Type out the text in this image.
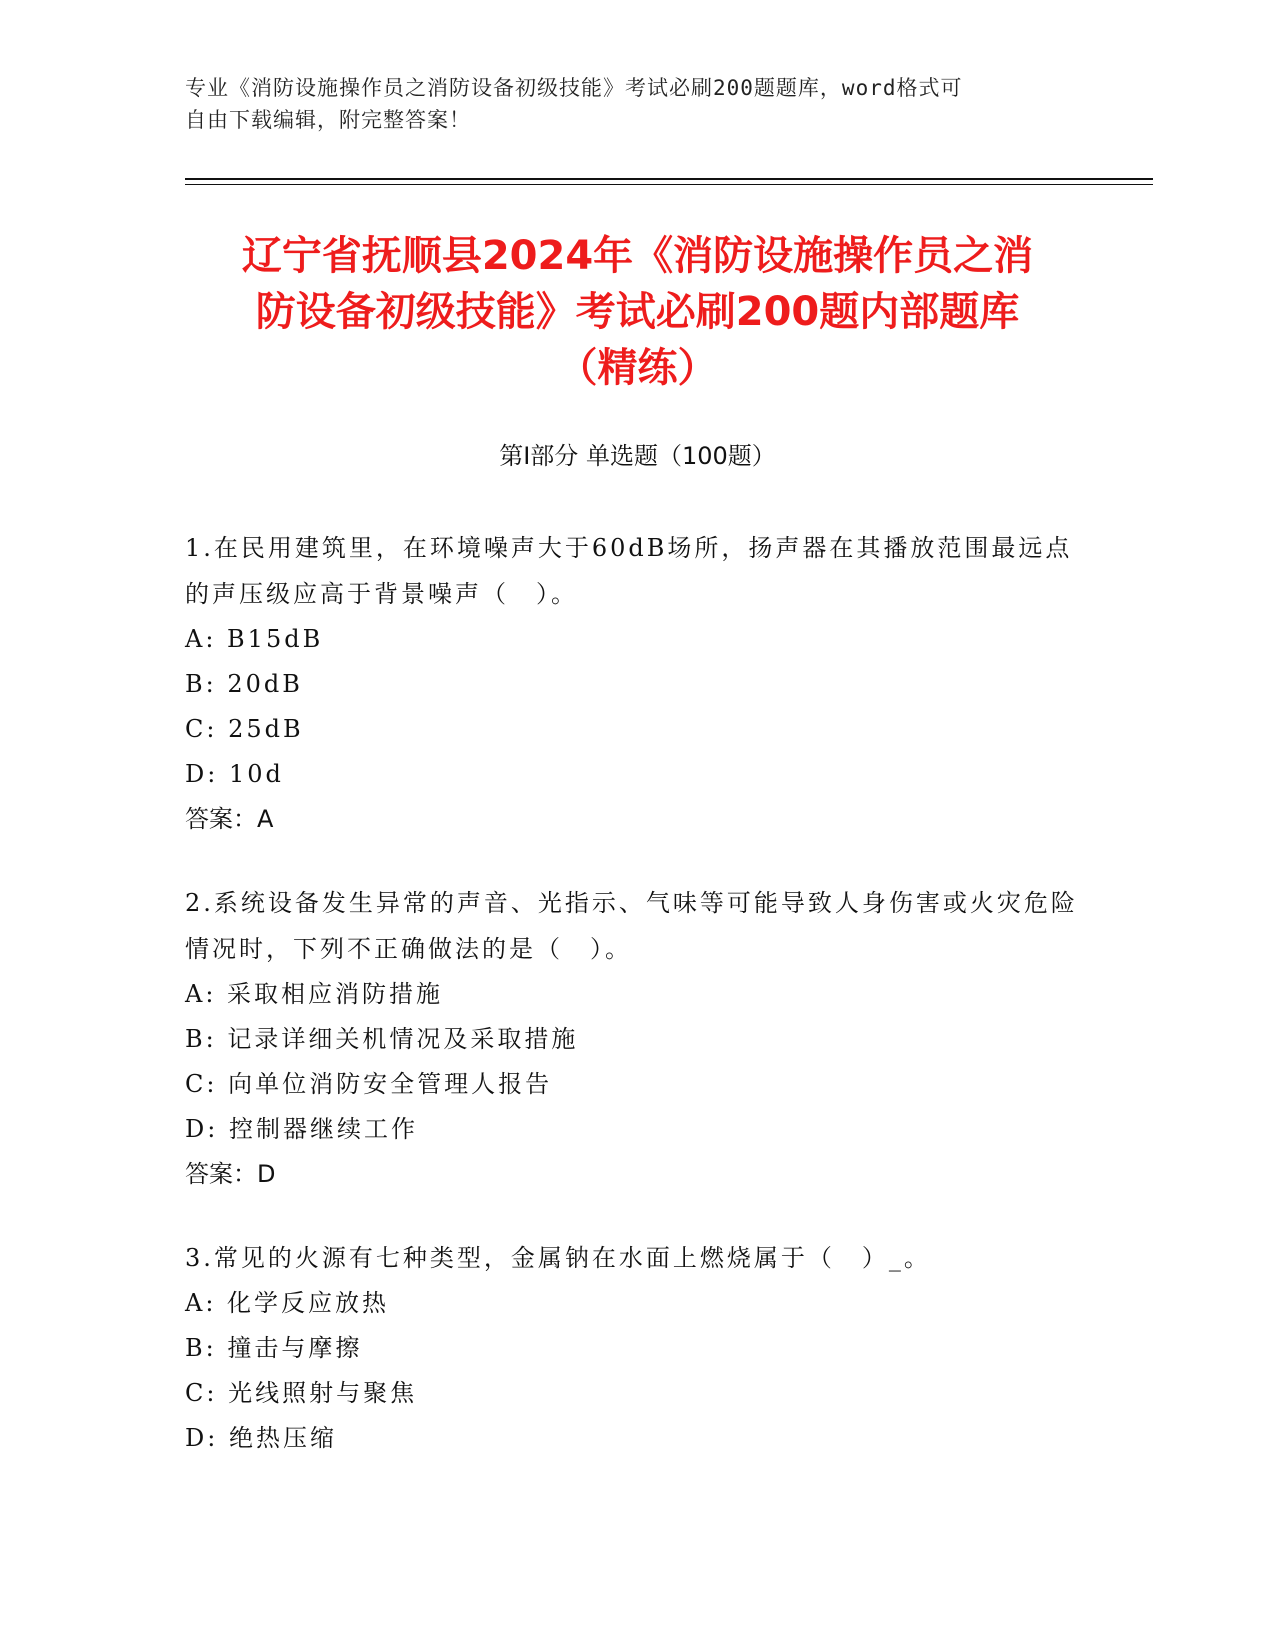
专业《消防设施操作员之消防设备初级技能》考试必刷200题题库，word格式可
自由下载编辑，附完整答案！
辽宁省抚顺县2024年《消防设施操作员之消
防设备初级技能》考试必刷200题内部题库
（精练）
第Ⅰ部分 单选题（100题）
1.在民用建筑里，在环境噪声大于60dB场所，扬声器在其播放范围最远点的声压级应高于背景噪声（　）。
A: B15dB
B: 20dB
C: 25dB
D: 10d
答案：A
2.系统设备发生异常的声音、光指示、气味等可能导致人身伤害或火灾危险情况时，下列不正确做法的是（　）。
A: 采取相应消防措施
B: 记录详细关机情况及采取措施
C: 向单位消防安全管理人报告
D: 控制器继续工作
答案：D
3.常见的火源有七种类型，金属钠在水面上燃烧属于（　）_。
A: 化学反应放热
B: 撞击与摩擦
C: 光线照射与聚焦
D: 绝热压缩
